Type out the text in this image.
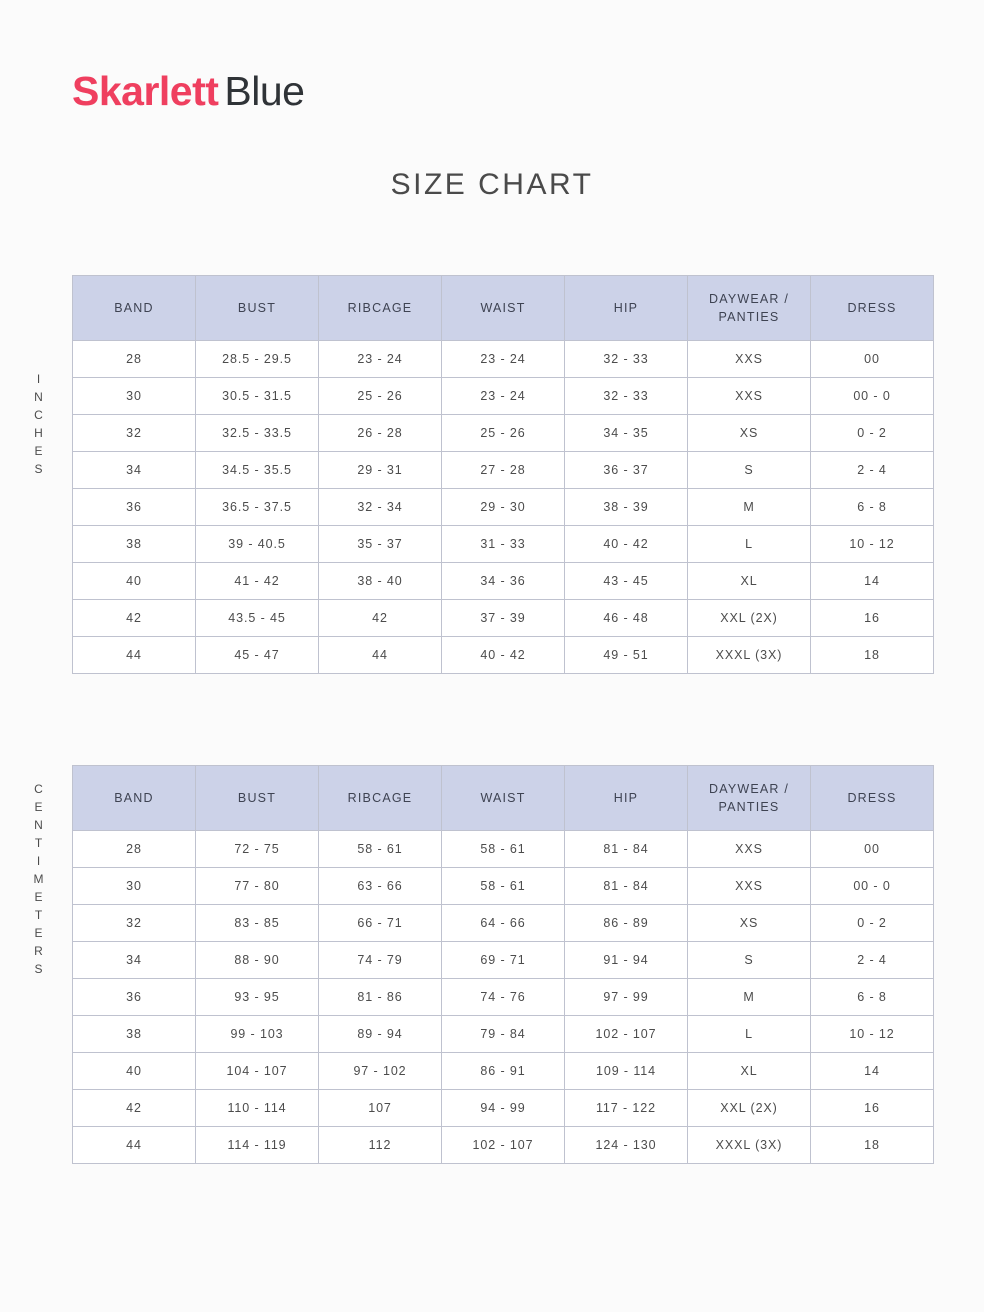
Skarlett Blue
SIZE CHART
I
N
C
H
E
S
C
E
N
T
I
M
E
T
E
R
S
BAND	BUST	RIBCAGE	WAIST	HIP	DAYWEAR /
PANTIES	DRESS
28	28.5 - 29.5	23 - 24	23 - 24	32 - 33	XXS	00
30	30.5 - 31.5	25 - 26	23 - 24	32 - 33	XXS	00 - 0
32	32.5 - 33.5	26 - 28	25 - 26	34 - 35	XS	0 - 2
34	34.5 - 35.5	29 - 31	27 - 28	36 - 37	S	2 - 4
36	36.5 - 37.5	32 - 34	29 - 30	38 - 39	M	6 - 8
38	39 - 40.5	35 - 37	31 - 33	40 - 42	L	10 - 12
40	41 - 42	38 - 40	34 - 36	43 - 45	XL	14
42	43.5 - 45	42	37 - 39	46 - 48	XXL (2X)	16
44	45 - 47	44	40 - 42	49 - 51	XXXL (3X)	18
BAND	BUST	RIBCAGE	WAIST	HIP	DAYWEAR /
PANTIES	DRESS
28	72 - 75	58 - 61	58 - 61	81 - 84	XXS	00
30	77 - 80	63 - 66	58 - 61	81 - 84	XXS	00 - 0
32	83 - 85	66 - 71	64 - 66	86 - 89	XS	0 - 2
34	88 - 90	74 - 79	69 - 71	91 - 94	S	2 - 4
36	93 - 95	81 - 86	74 - 76	97 - 99	M	6 - 8
38	99 - 103	89 - 94	79 - 84	102 - 107	L	10 - 12
40	104 - 107	97 - 102	86 - 91	109 - 114	XL	14
42	110 - 114	107	94 - 99	117 - 122	XXL (2X)	16
44	114 - 119	112	102 - 107	124 - 130	XXXL (3X)	18
